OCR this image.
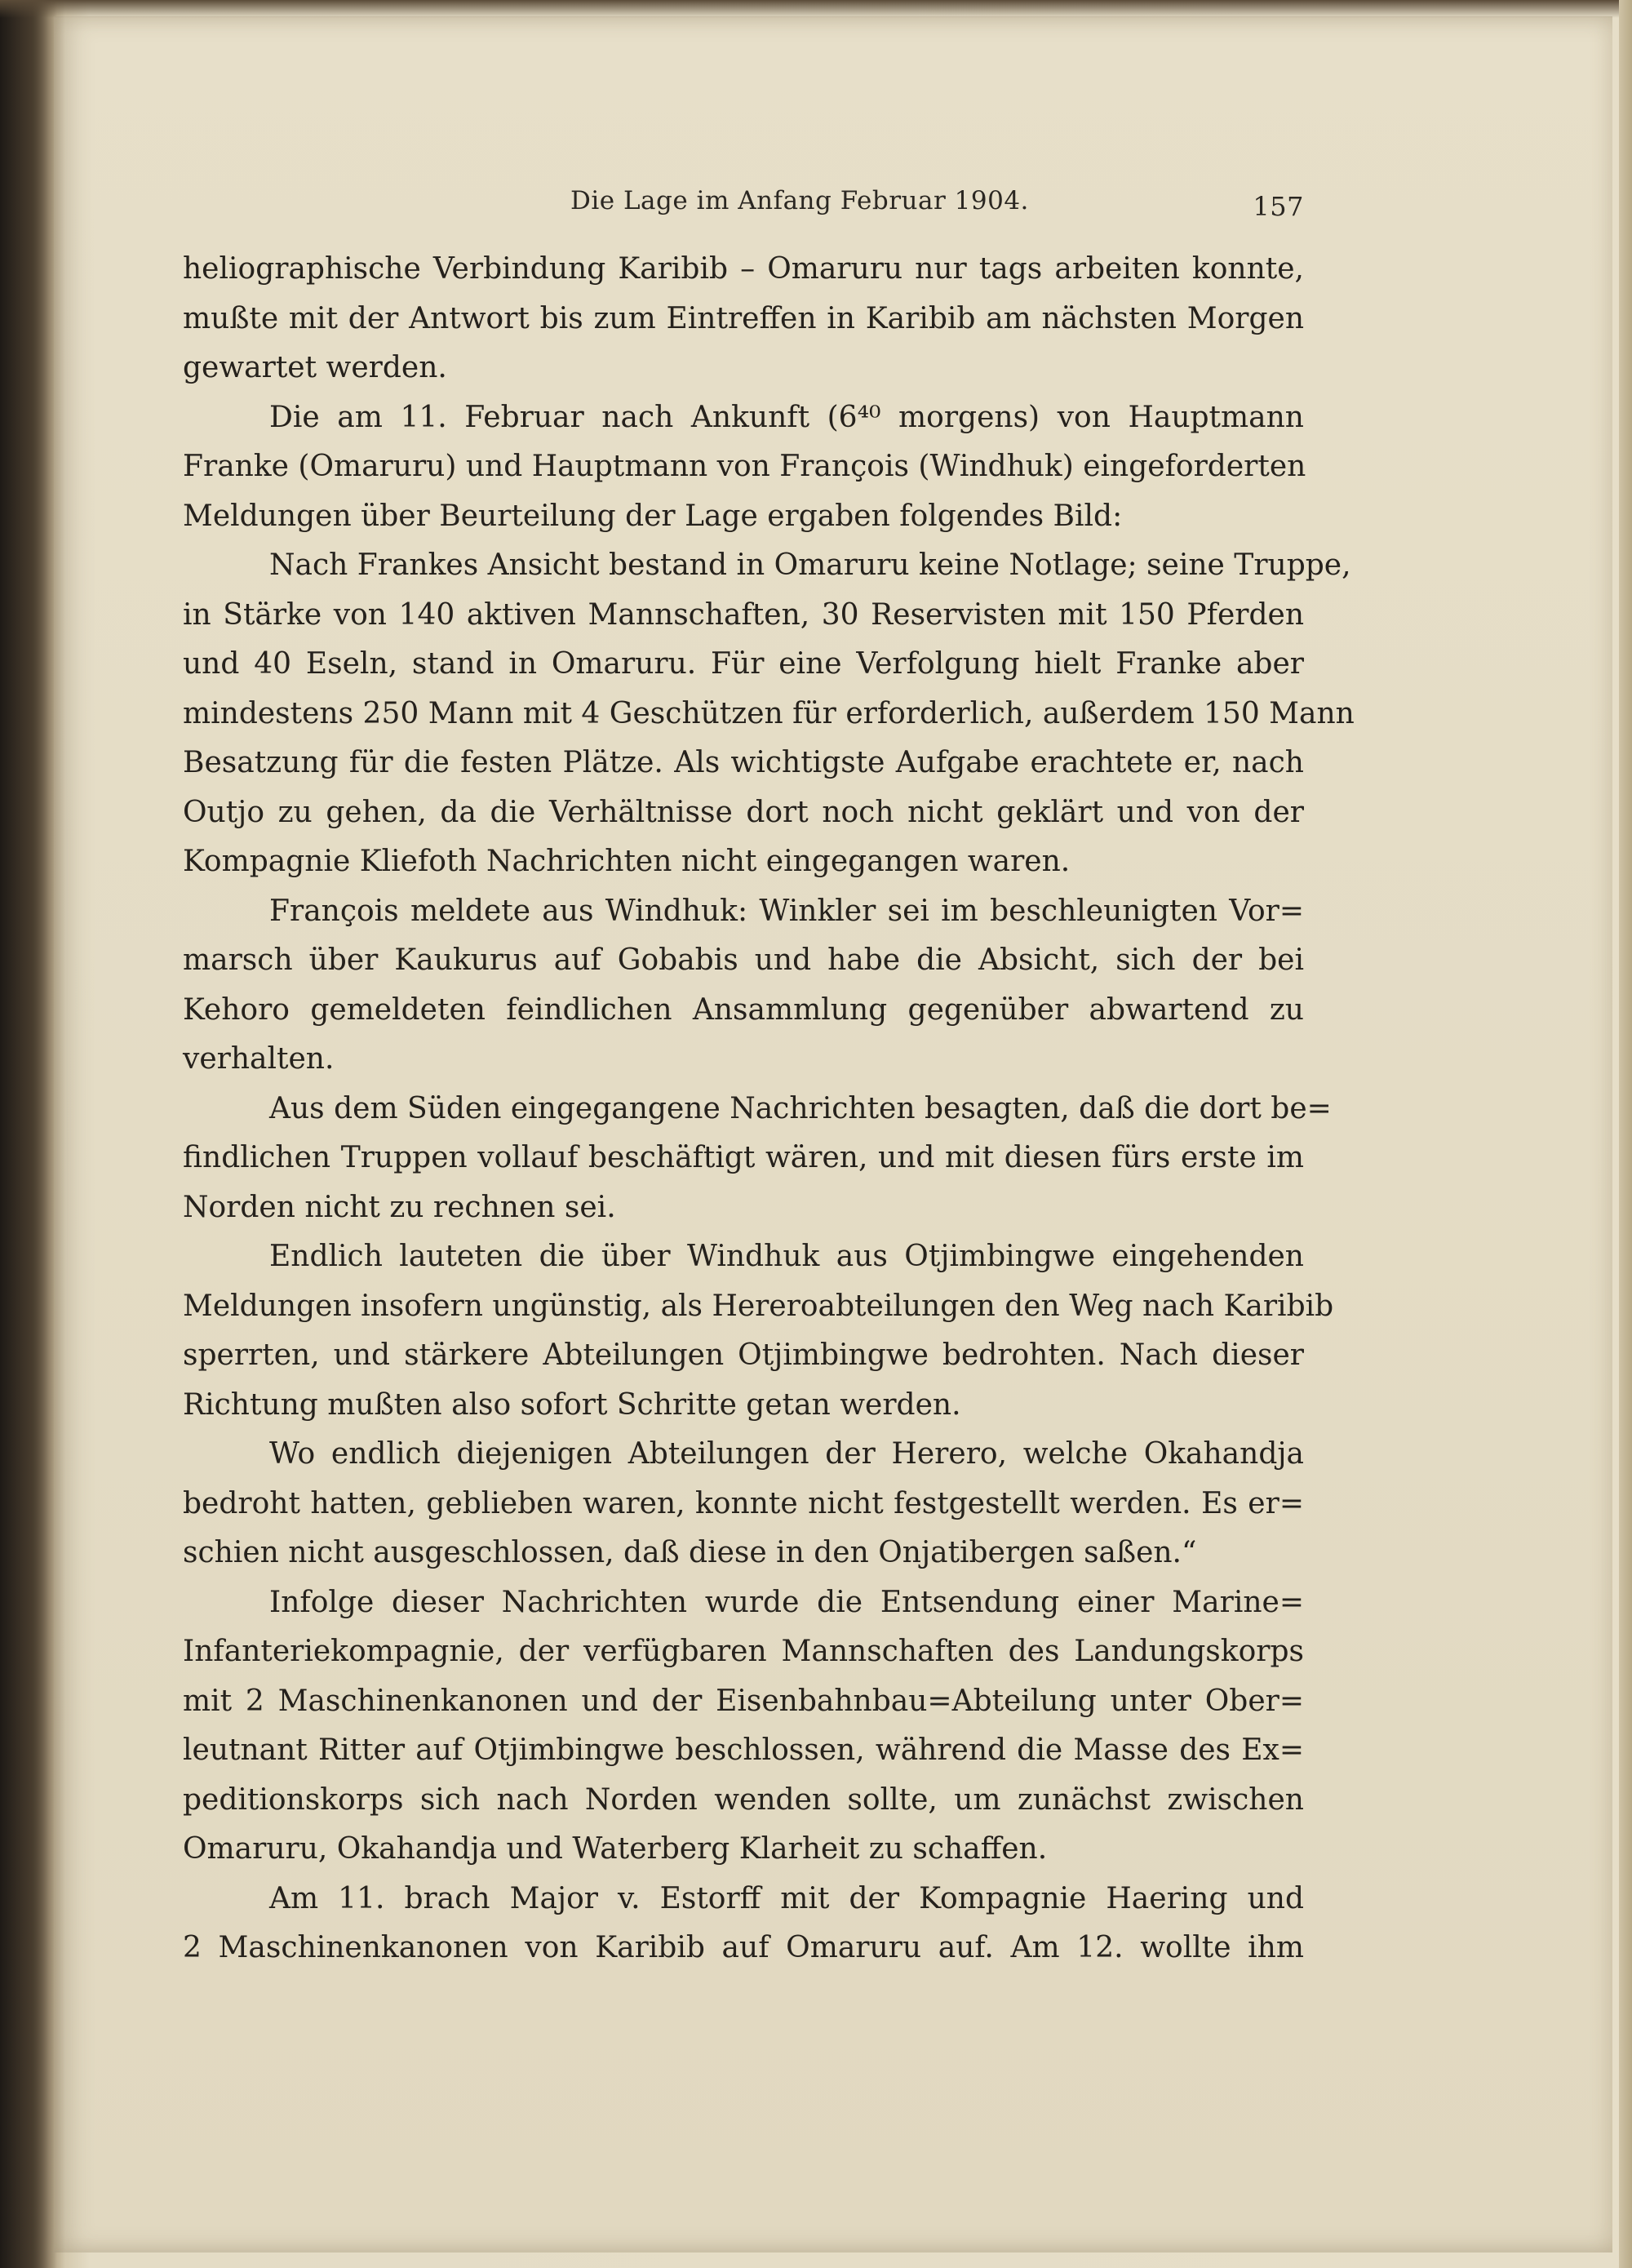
Die Lage im Anfang Februar 1904.	157
heliographische Verbindung Karibib – Omaruru nur tags arbeiten konnte,
mußte mit der Antwort bis zum Eintreffen in Karibib am nächsten Morgen
gewartet werden.
Die am 11. Februar nach Ankunft (6⁴⁰ morgens) von Hauptmann
Franke (Omaruru) und Hauptmann von François (Windhuk) eingeforderten
Meldungen über Beurteilung der Lage ergaben folgendes Bild:
Nach Frankes Ansicht bestand in Omaruru keine Notlage; seine Truppe,
in Stärke von 140 aktiven Mannschaften, 30 Reservisten mit 150 Pferden
und 40 Eseln, stand in Omaruru. Für eine Verfolgung hielt Franke aber
mindestens 250 Mann mit 4 Geschützen für erforderlich, außerdem 150 Mann
Besatzung für die festen Plätze. Als wichtigste Aufgabe erachtete er, nach
Outjo zu gehen, da die Verhältnisse dort noch nicht geklärt und von der
Kompagnie Kliefoth Nachrichten nicht eingegangen waren.
François meldete aus Windhuk: Winkler sei im beschleunigten Vor=
marsch über Kaukurus auf Gobabis und habe die Absicht, sich der bei
Kehoro gemeldeten feindlichen Ansammlung gegenüber abwartend zu
verhalten.
Aus dem Süden eingegangene Nachrichten besagten, daß die dort be=
findlichen Truppen vollauf beschäftigt wären, und mit diesen fürs erste im
Norden nicht zu rechnen sei.
Endlich lauteten die über Windhuk aus Otjimbingwe eingehenden
Meldungen insofern ungünstig, als Hereroabteilungen den Weg nach Karibib
sperrten, und stärkere Abteilungen Otjimbingwe bedrohten. Nach dieser
Richtung mußten also sofort Schritte getan werden.
Wo endlich diejenigen Abteilungen der Herero, welche Okahandja
bedroht hatten, geblieben waren, konnte nicht festgestellt werden. Es er=
schien nicht ausgeschlossen, daß diese in den Onjatibergen saßen.“
Infolge dieser Nachrichten wurde die Entsendung einer Marine=
Infanteriekompagnie, der verfügbaren Mannschaften des Landungskorps
mit 2 Maschinenkanonen und der Eisenbahnbau=Abteilung unter Ober=
leutnant Ritter auf Otjimbingwe beschlossen, während die Masse des Ex=
peditionskorps sich nach Norden wenden sollte, um zunächst zwischen
Omaruru, Okahandja und Waterberg Klarheit zu schaffen.
Am 11. brach Major v. Estorff mit der Kompagnie Haering und
2 Maschinenkanonen von Karibib auf Omaruru auf. Am 12. wollte ihm
